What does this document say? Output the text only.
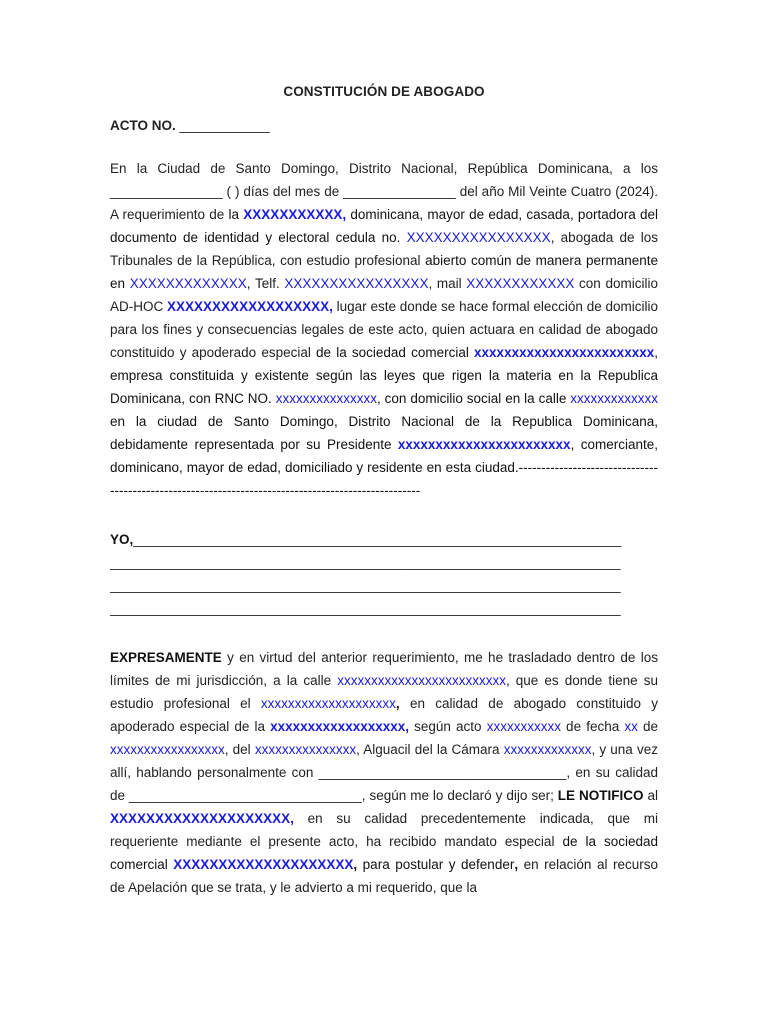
CONSTITUCIÓN DE ABOGADO
ACTO NO. ____________

En la Ciudad de Santo Domingo, Distrito Nacional, República Dominicana, a los _______________ ( ) días del mes de _______________ del año Mil Veinte Cuatro (2024). A requerimiento de la XXXXXXXXXXX, dominicana, mayor de edad, casada, portadora del documento de identidad y electoral cedula no. XXXXXXXXXXXXXXXX, abogada de los Tribunales de la República, con estudio profesional abierto común de manera permanente en XXXXXXXXXXXXX, Telf. XXXXXXXXXXXXXXXX, mail XXXXXXXXXXXX con domicilio AD-HOC XXXXXXXXXXXXXXXXXX, lugar este donde se hace formal elección de domicilio para los fines y consecuencias legales de este acto, quien actuara en calidad de abogado constituido y apoderado especial de la sociedad comercial xxxxxxxxxxxxxxxxxxxxxxxx, empresa constituida y existente según las leyes que rigen la materia en la Republica Dominicana, con RNC NO. xxxxxxxxxxxxxxx, con domicilio social en la calle xxxxxxxxxxxxx en la ciudad de Santo Domingo, Distrito Nacional de la Republica Dominicana, debidamente representada por su Presidente xxxxxxxxxxxxxxxxxxxxxxx, comerciante, dominicano, mayor de edad, domiciliado y residente en esta ciudad.----------------------------------------------------------------------------------------------------

YO,_________________________________________________________________
____________________________________________________________________
____________________________________________________________________
____________________________________________________________________

EXPRESAMENTE y en virtud del anterior requerimiento, me he trasladado dentro de los límites de mi jurisdicción, a la calle xxxxxxxxxxxxxxxxxxxxxxxxx, que es donde tiene su estudio profesional el xxxxxxxxxxxxxxxxxxxx, en calidad de abogado constituido y apoderado especial de la xxxxxxxxxxxxxxxxxx, según acto xxxxxxxxxxx de fecha xx de xxxxxxxxxxxxxxxxx, del xxxxxxxxxxxxxxx, Alguacil del la Cámara xxxxxxxxxxxxx, y una vez allí, hablando personalmente con _________________________________, en su calidad de _______________________________, según me lo declaró y dijo ser; LE NOTIFICO al XXXXXXXXXXXXXXXXXXXX, en su calidad precedentemente indicada, que mi requeriente mediante el presente acto, ha recibido mandato especial de la sociedad comercial XXXXXXXXXXXXXXXXXXXX, para postular y defender, en relación al recurso de Apelación que se trata, y le advierto a mi requerido, que la
